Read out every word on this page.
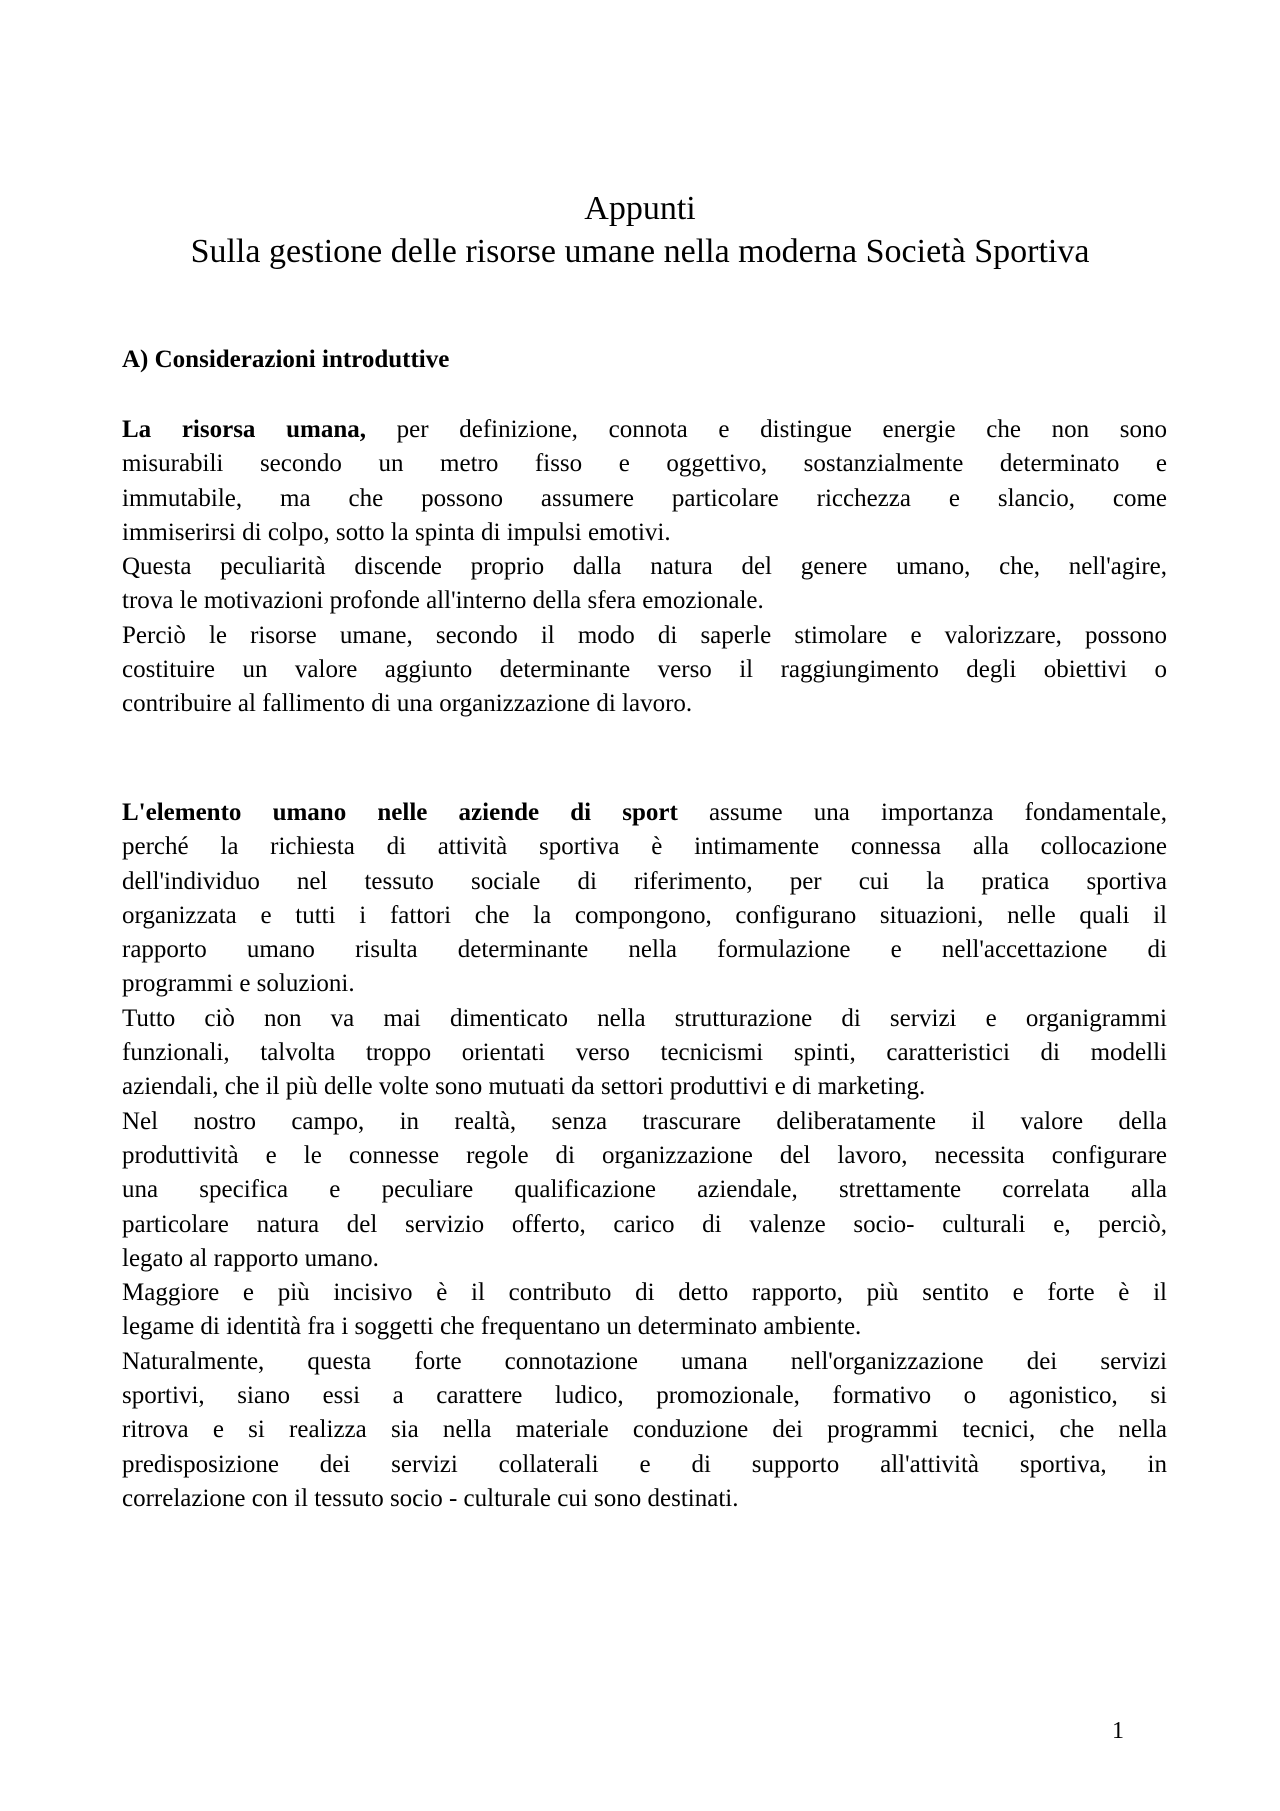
Appunti
Sulla gestione delle risorse umane nella moderna Società Sportiva
A) Considerazioni introduttive
La risorsa umana, per definizione, connota e distingue energie che non sono
misurabili secondo un metro fisso e oggettivo, sostanzialmente determinato e
immutabile, ma che possono assumere particolare ricchezza e slancio, come
immiserirsi di colpo, sotto la spinta di impulsi emotivi.
Questa peculiarità discende proprio dalla natura del genere umano, che, nell'agire,
trova le motivazioni profonde all'interno della sfera emozionale.
Perciò le risorse umane, secondo il modo di saperle stimolare e valorizzare, possono
costituire un valore aggiunto determinante verso il raggiungimento degli obiettivi o
contribuire al fallimento di una organizzazione di lavoro.
L'elemento umano nelle aziende di sport assume una importanza fondamentale,
perché la richiesta di attività sportiva è intimamente connessa alla collocazione
dell'individuo nel tessuto sociale di riferimento, per cui la pratica sportiva
organizzata e tutti i fattori che la compongono, configurano situazioni, nelle quali il
rapporto umano risulta determinante nella formulazione e nell'accettazione di
programmi e soluzioni.
Tutto ciò non va mai dimenticato nella strutturazione di servizi e organigrammi
funzionali, talvolta troppo orientati verso tecnicismi spinti, caratteristici di modelli
aziendali, che il più delle volte sono mutuati da settori produttivi e di marketing.
Nel nostro campo, in realtà, senza trascurare deliberatamente il valore della
produttività e le connesse regole di organizzazione del lavoro, necessita configurare
una specifica e peculiare qualificazione aziendale, strettamente correlata alla
particolare natura del servizio offerto, carico di valenze socio- culturali e, perciò,
legato al rapporto umano.
Maggiore e più incisivo è il contributo di detto rapporto, più sentito e forte è il
legame di identità fra i soggetti che frequentano un determinato ambiente.
Naturalmente, questa forte connotazione umana nell'organizzazione dei servizi
sportivi, siano essi a carattere ludico, promozionale, formativo o agonistico, si
ritrova e si realizza sia nella materiale conduzione dei programmi tecnici, che nella
predisposizione dei servizi collaterali e di supporto all'attività sportiva, in
correlazione con il tessuto socio - culturale cui sono destinati.

1
